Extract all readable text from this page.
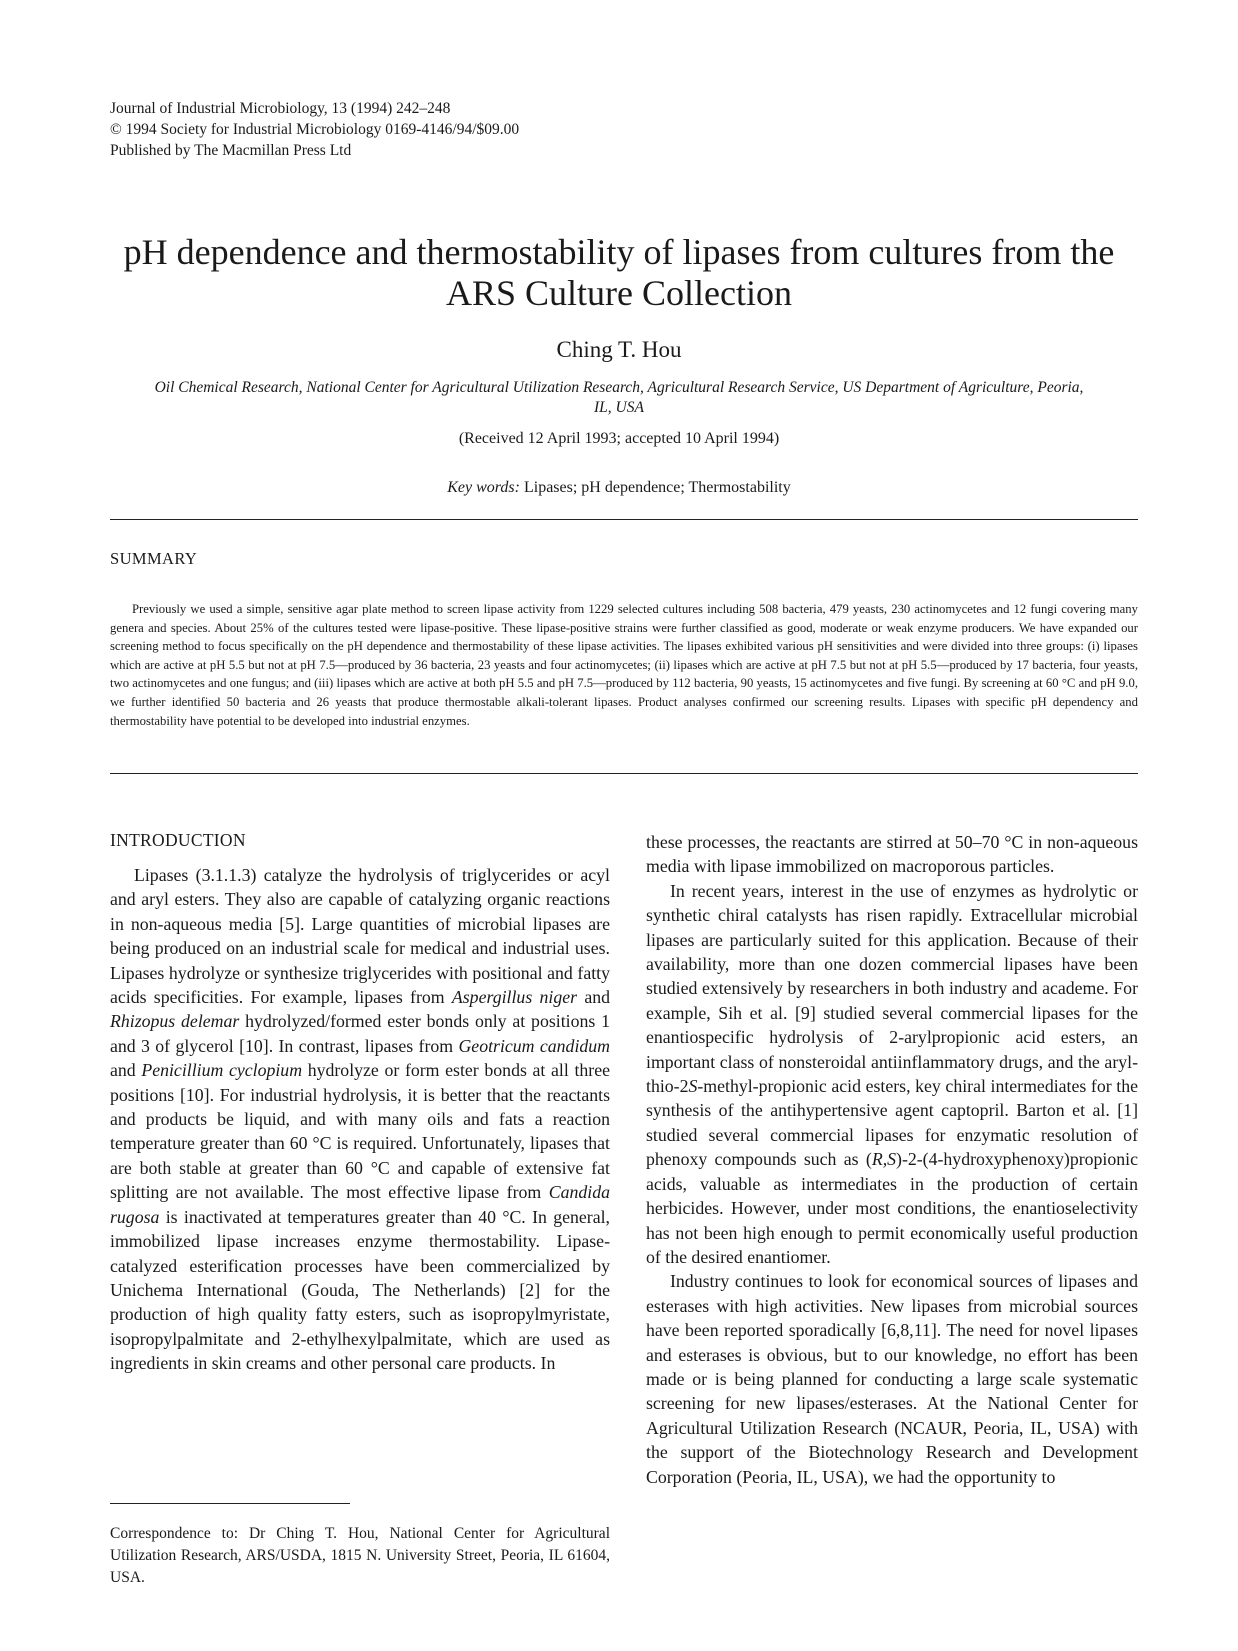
Journal of Industrial Microbiology, 13 (1994) 242–248
© 1994 Society for Industrial Microbiology 0169-4146/94/$09.00
Published by The Macmillan Press Ltd
pH dependence and thermostability of lipases from cultures from the ARS Culture Collection
Ching T. Hou
Oil Chemical Research, National Center for Agricultural Utilization Research, Agricultural Research Service, US Department of Agriculture, Peoria, IL, USA
(Received 12 April 1993; accepted 10 April 1994)
Key words: Lipases; pH dependence; Thermostability
SUMMARY
Previously we used a simple, sensitive agar plate method to screen lipase activity from 1229 selected cultures including 508 bacteria, 479 yeasts, 230 actinomycetes and 12 fungi covering many genera and species. About 25% of the cultures tested were lipase-positive. These lipase-positive strains were further classified as good, moderate or weak enzyme producers. We have expanded our screening method to focus specifically on the pH dependence and thermostability of these lipase activities. The lipases exhibited various pH sensitivities and were divided into three groups: (i) lipases which are active at pH 5.5 but not at pH 7.5—produced by 36 bacteria, 23 yeasts and four actinomycetes; (ii) lipases which are active at pH 7.5 but not at pH 5.5—produced by 17 bacteria, four yeasts, two actinomycetes and one fungus; and (iii) lipases which are active at both pH 5.5 and pH 7.5—produced by 112 bacteria, 90 yeasts, 15 actinomycetes and five fungi. By screening at 60 °C and pH 9.0, we further identified 50 bacteria and 26 yeasts that produce thermostable alkali-tolerant lipases. Product analyses confirmed our screening results. Lipases with specific pH dependency and thermostability have potential to be developed into industrial enzymes.
INTRODUCTION

Lipases (3.1.1.3) catalyze the hydrolysis of triglycerides or acyl and aryl esters. They also are capable of catalyzing organic reactions in non-aqueous media [5]. Large quantities of microbial lipases are being produced on an industrial scale for medical and industrial uses. Lipases hydrolyze or synthesize triglycerides with positional and fatty acids specificities. For example, lipases from Aspergillus niger and Rhizopus delemar hydrolyzed/formed ester bonds only at positions 1 and 3 of glycerol [10]. In contrast, lipases from Geotricum candidum and Penicillium cyclopium hydrolyze or form ester bonds at all three positions [10]. For industrial hydrolysis, it is better that the reactants and products be liquid, and with many oils and fats a reaction temperature greater than 60 °C is required. Unfortunately, lipases that are both stable at greater than 60 °C and capable of extensive fat splitting are not available. The most effective lipase from Candida rugosa is inactivated at temperatures greater than 40 °C. In general, immobilized lipase increases enzyme thermostability. Lipase-catalyzed esterification processes have been commercialized by Unichema International (Gouda, The Netherlands) [2] for the production of high quality fatty esters, such as isopropylmyristate, isopropylpalmitate and 2-ethylhexylpalmitate, which are used as ingredients in skin creams and other personal care products. In

these processes, the reactants are stirred at 50–70 °C in non-aqueous media with lipase immobilized on macroporous particles.

In recent years, interest in the use of enzymes as hydrolytic or synthetic chiral catalysts has risen rapidly. Extracellular microbial lipases are particularly suited for this application. Because of their availability, more than one dozen commercial lipases have been studied extensively by researchers in both industry and academe. For example, Sih et al. [9] studied several commercial lipases for the enantiospecific hydrolysis of 2-arylpropionic acid esters, an important class of nonsteroidal antiinflammatory drugs, and the aryl-thio-2S-methyl-propionic acid esters, key chiral intermediates for the synthesis of the antihypertensive agent captopril. Barton et al. [1] studied several commercial lipases for enzymatic resolution of phenoxy compounds such as (R,S)-2-(4-hydroxyphenoxy)propionic acids, valuable as intermediates in the production of certain herbicides. However, under most conditions, the enantioselectivity has not been high enough to permit economically useful production of the desired enantiomer.

Industry continues to look for economical sources of lipases and esterases with high activities. New lipases from microbial sources have been reported sporadically [6,8,11]. The need for novel lipases and esterases is obvious, but to our knowledge, no effort has been made or is being planned for conducting a large scale systematic screening for new lipases/esterases. At the National Center for Agricultural Utilization Research (NCAUR, Peoria, IL, USA) with the support of the Biotechnology Research and Development Corporation (Peoria, IL, USA), we had the opportunity to

Correspondence to: Dr Ching T. Hou, National Center for Agricultural Utilization Research, ARS/USDA, 1815 N. University Street, Peoria, IL 61604, USA.
